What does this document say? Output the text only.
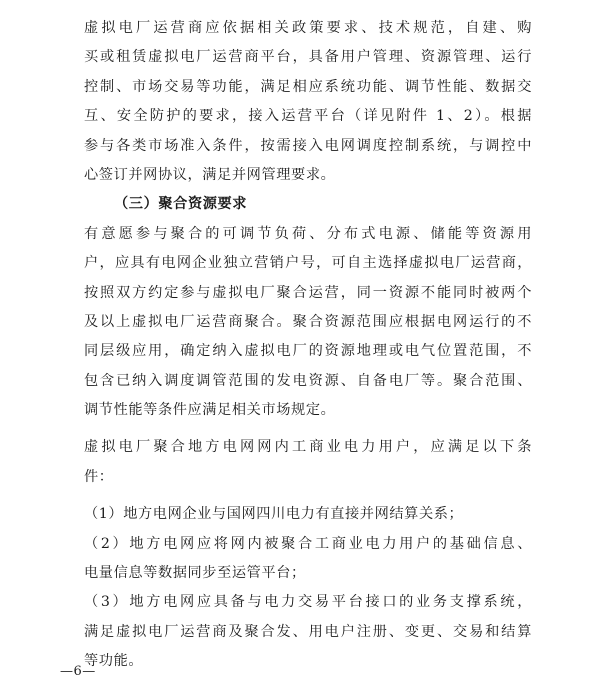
虚拟电厂运营商应依据相关政策要求、技术规范，自建、购
买或租赁虚拟电厂运营商平台，具备用户管理、资源管理、运行
控制、市场交易等功能，满足相应系统功能、调节性能、数据交
互、安全防护的要求，接入运营平台（详见附件 1、2）。根据
参与各类市场准入条件，按需接入电网调度控制系统，与调控中
心签订并网协议，满足并网管理要求。
（三）聚合资源要求
有意愿参与聚合的可调节负荷、分布式电源、储能等资源用
户，应具有电网企业独立营销户号，可自主选择虚拟电厂运营商，
按照双方约定参与虚拟电厂聚合运营，同一资源不能同时被两个
及以上虚拟电厂运营商聚合。聚合资源范围应根据电网运行的不
同层级应用，确定纳入虚拟电厂的资源地理或电气位置范围，不
包含已纳入调度调管范围的发电资源、自备电厂等。聚合范围、
调节性能等条件应满足相关市场规定。
虚拟电厂聚合地方电网网内工商业电力用户，应满足以下条
件：
（1）地方电网企业与国网四川电力有直接并网结算关系；
（2）地方电网应将网内被聚合工商业电力用户的基础信息、
电量信息等数据同步至运管平台；
（3）地方电网应具备与电力交易平台接口的业务支撑系统，
满足虚拟电厂运营商及聚合发、用电户注册、变更、交易和结算
等功能。
—6—
